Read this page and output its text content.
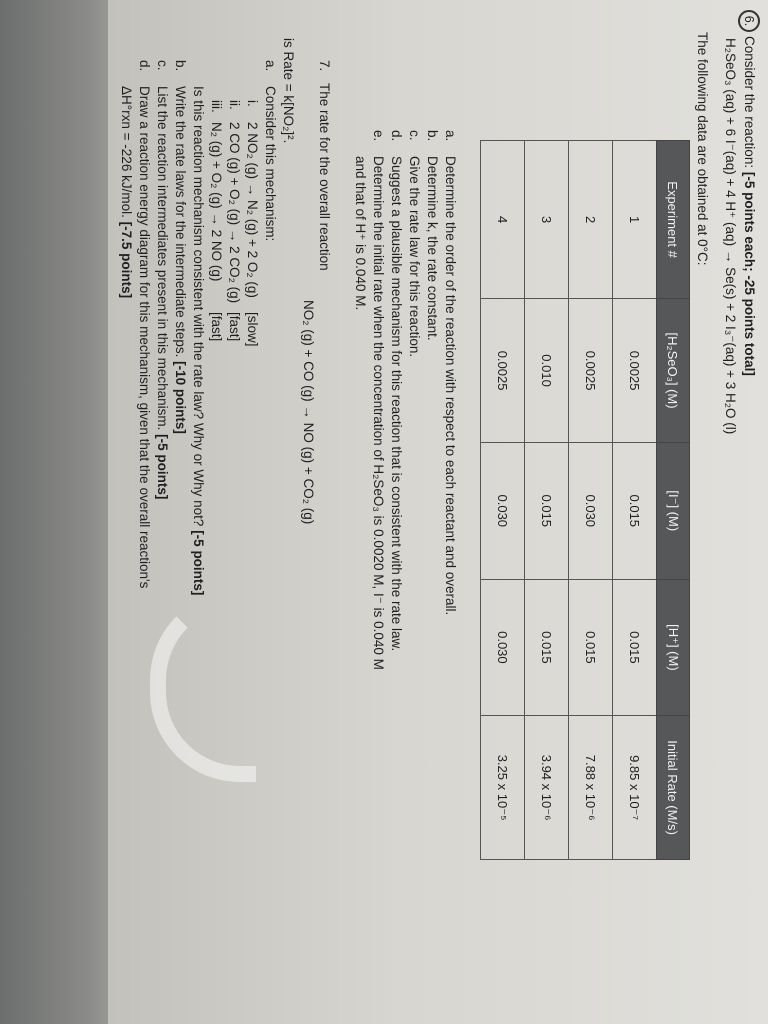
6.Consider the reaction: [-5 points each; -25 points total]
H₂SeO₃ (aq) + 6 I⁻(aq) + 4 H⁺ (aq) → Se(s) + 2 I₃⁻(aq) + 3 H₂O (l)
The following data are obtained at 0°C:
Experiment #	[H₂SeO₃] (M)	[I⁻] (M)	[H⁺] (M)	Initial Rate (M/s)
1	0.0025	0.015	0.015	9.85 x 10⁻⁷
2	0.0025	0.030	0.015	7.88 x 10⁻⁶
3	0.010	0.015	0.015	3.94 x 10⁻⁶
4	0.0025	0.030	0.030	3.25 x 10⁻⁵
a.Determine the order of the reaction with respect to each reactant and overall.
b.Determine k, the rate constant.
c.Give the rate law for this reaction.
d.Suggest a plausible mechanism for this reaction that is consistent with the rate law.
e.Determine the initial rate when the concentration of H₂SeO₃ is 0.0020 M, I⁻ is 0.040 M
and that of H⁺ is 0.040 M.
7. The rate for the overall reaction
NO₂ (g) + CO (g) → NO (g) + CO₂ (g)
is Rate = k[NO₂]².
a.Consider this mechanism:
i.2 NO₂ (g) → N₂ (g) + 2 O₂ (g)[slow]
ii.2 CO (g) + O₂ (g) → 2 CO₂ (g)[fast]
iii.N₂ (g) + O₂ (g) → 2 NO (g)[fast]
Is this reaction mechanism consistent with the rate law? Why or Why not? [-5 points]
b.Write the rate laws for the intermediate steps. [-10 points]
c.List the reaction intermediates present in this mechanism. [-5 points]
d.Draw a reaction energy diagram for this mechanism, given that the overall reaction's
ΔH°rxn = -226 kJ/mol. [-7.5 points]
